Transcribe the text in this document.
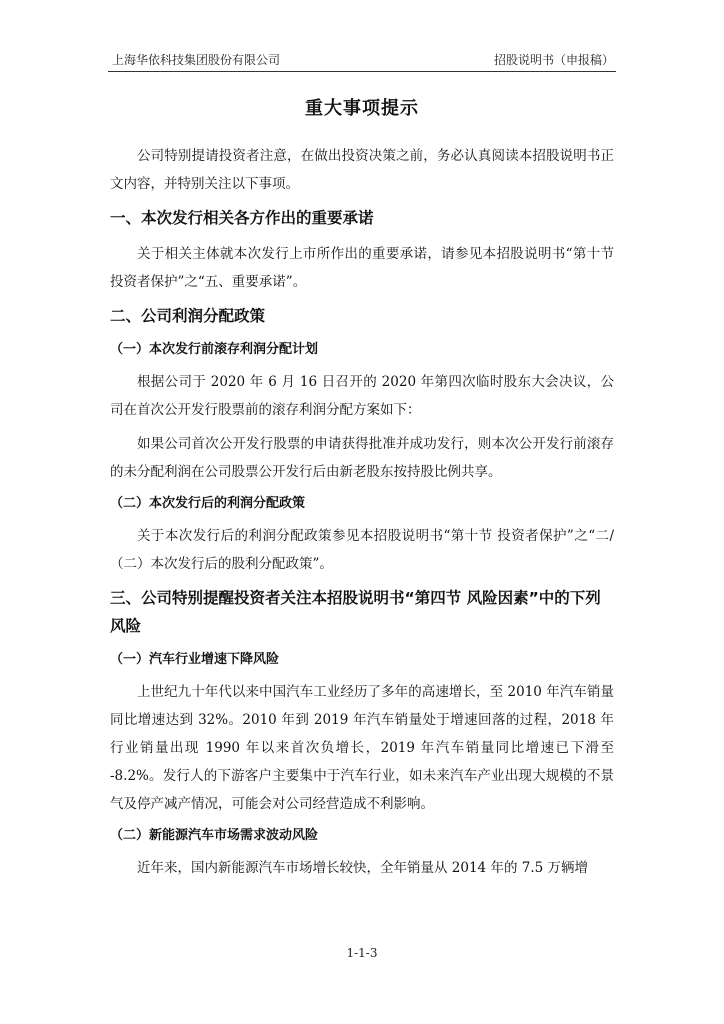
上海华依科技集团股份有限公司	招股说明书（申报稿）
重大事项提示

公司特别提请投资者注意，在做出投资决策之前，务必认真阅读本招股说明书正文内容，并特别关注以下事项。

一、本次发行相关各方作出的重要承诺

关于相关主体就本次发行上市所作出的重要承诺，请参见本招股说明书“第十节 投资者保护”之“五、重要承诺”。

二、公司利润分配政策
（一）本次发行前滚存利润分配计划

根据公司于 2020 年 6 月 16 日召开的 2020 年第四次临时股东大会决议，公司在首次公开发行股票前的滚存利润分配方案如下：

如果公司首次公开发行股票的申请获得批准并成功发行，则本次公开发行前滚存的未分配利润在公司股票公开发行后由新老股东按持股比例共享。

（二）本次发行后的利润分配政策

关于本次发行后的利润分配政策参见本招股说明书“第十节 投资者保护”之“二/（二）本次发行后的股利分配政策”。

三、公司特别提醒投资者关注本招股说明书“第四节 风险因素”中的下列风险
（一）汽车行业增速下降风险

上世纪九十年代以来中国汽车工业经历了多年的高速增长，至 2010 年汽车销量同比增速达到 32%。2010 年到 2019 年汽车销量处于增速回落的过程，2018 年行业销量出现 1990 年以来首次负增长，2019 年汽车销量同比增速已下滑至 -8.2%。发行人的下游客户主要集中于汽车行业，如未来汽车产业出现大规模的不景气及停产减产情况，可能会对公司经营造成不利影响。

（二）新能源汽车市场需求波动风险

近年来，国内新能源汽车市场增长较快，全年销量从 2014 年的 7.5 万辆增

1-1-3
